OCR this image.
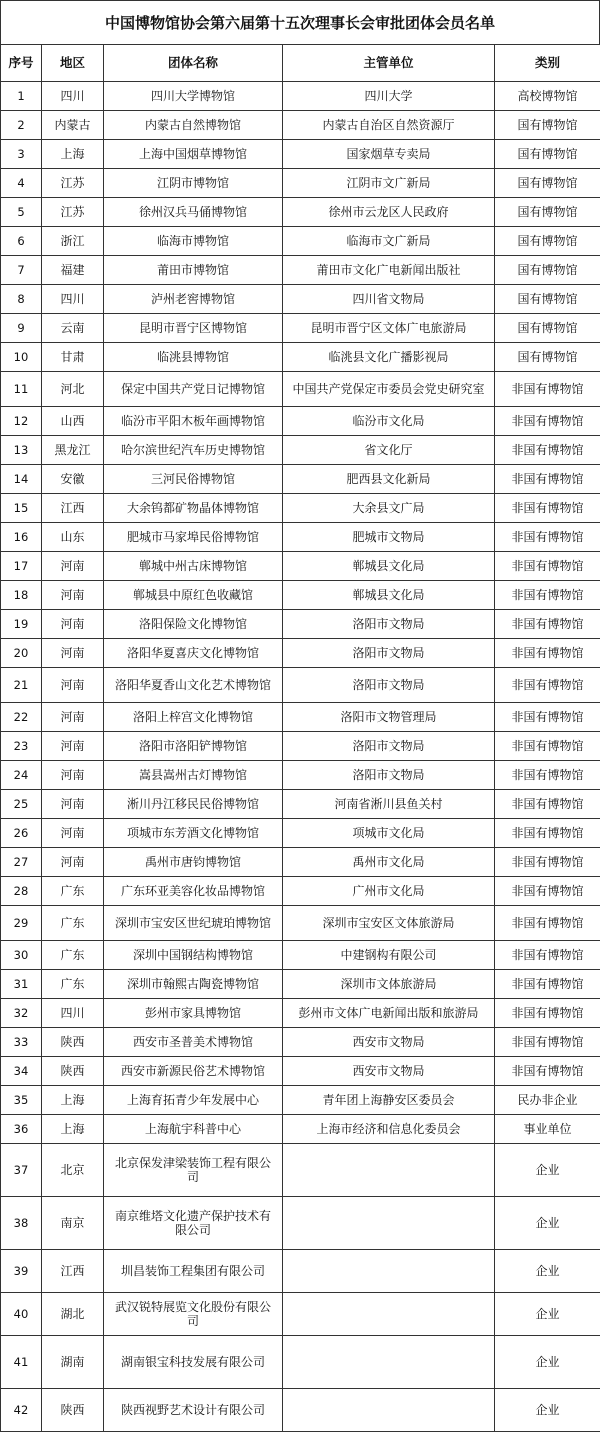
中国博物馆协会第六届第十五次理事长会审批团体会员名单
序号	地区	团体名称	主管单位	类别
1	四川	四川大学博物馆	四川大学	高校博物馆
2	内蒙古	内蒙古自然博物馆	内蒙古自治区自然资源厅	国有博物馆
3	上海	上海中国烟草博物馆	国家烟草专卖局	国有博物馆
4	江苏	江阴市博物馆	江阴市文广新局	国有博物馆
5	江苏	徐州汉兵马俑博物馆	徐州市云龙区人民政府	国有博物馆
6	浙江	临海市博物馆	临海市文广新局	国有博物馆
7	福建	莆田市博物馆	莆田市文化广电新闻出版社	国有博物馆
8	四川	泸州老窖博物馆	四川省文物局	国有博物馆
9	云南	昆明市晋宁区博物馆	昆明市晋宁区文体广电旅游局	国有博物馆
10	甘肃	临洮县博物馆	临洮县文化广播影视局	国有博物馆
11	河北	保定中国共产党日记博物馆	中国共产党保定市委员会党史研究室	非国有博物馆
12	山西	临汾市平阳木板年画博物馆	临汾市文化局	非国有博物馆
13	黑龙江	哈尔滨世纪汽车历史博物馆	省文化厅	非国有博物馆
14	安徽	三河民俗博物馆	肥西县文化新局	非国有博物馆
15	江西	大余钨都矿物晶体博物馆	大余县文广局	非国有博物馆
16	山东	肥城市马家埠民俗博物馆	肥城市文物局	非国有博物馆
17	河南	郸城中州古床博物馆	郸城县文化局	非国有博物馆
18	河南	郸城县中原红色收藏馆	郸城县文化局	非国有博物馆
19	河南	洛阳保险文化博物馆	洛阳市文物局	非国有博物馆
20	河南	洛阳华夏喜庆文化博物馆	洛阳市文物局	非国有博物馆
21	河南	洛阳华夏香山文化艺术博物馆	洛阳市文物局	非国有博物馆
22	河南	洛阳上梓宫文化博物馆	洛阳市文物管理局	非国有博物馆
23	河南	洛阳市洛阳铲博物馆	洛阳市文物局	非国有博物馆
24	河南	嵩县嵩州古灯博物馆	洛阳市文物局	非国有博物馆
25	河南	淅川丹江移民民俗博物馆	河南省淅川县鱼关村	非国有博物馆
26	河南	项城市东芳酒文化博物馆	项城市文化局	非国有博物馆
27	河南	禹州市唐钧博物馆	禹州市文化局	非国有博物馆
28	广东	广东环亚美容化妆品博物馆	广州市文化局	非国有博物馆
29	广东	深圳市宝安区世纪琥珀博物馆	深圳市宝安区文体旅游局	非国有博物馆
30	广东	深圳中国钢结构博物馆	中建钢构有限公司	非国有博物馆
31	广东	深圳市翰熙古陶瓷博物馆	深圳市文体旅游局	非国有博物馆
32	四川	彭州市家具博物馆	彭州市文体广电新闻出版和旅游局	非国有博物馆
33	陕西	西安市圣普美术博物馆	西安市文物局	非国有博物馆
34	陕西	西安市新源民俗艺术博物馆	西安市文物局	非国有博物馆
35	上海	上海育拓青少年发展中心	青年团上海静安区委员会	民办非企业
36	上海	上海航宇科普中心	上海市经济和信息化委员会	事业单位
37	北京	北京保发津梁装饰工程有限公司		企业
38	南京	南京维塔文化遗产保护技术有限公司		企业
39	江西	圳昌装饰工程集团有限公司		企业
40	湖北	武汉锐特展览文化股份有限公司		企业
41	湖南	湖南银宝科技发展有限公司		企业
42	陕西	陕西视野艺术设计有限公司		企业
